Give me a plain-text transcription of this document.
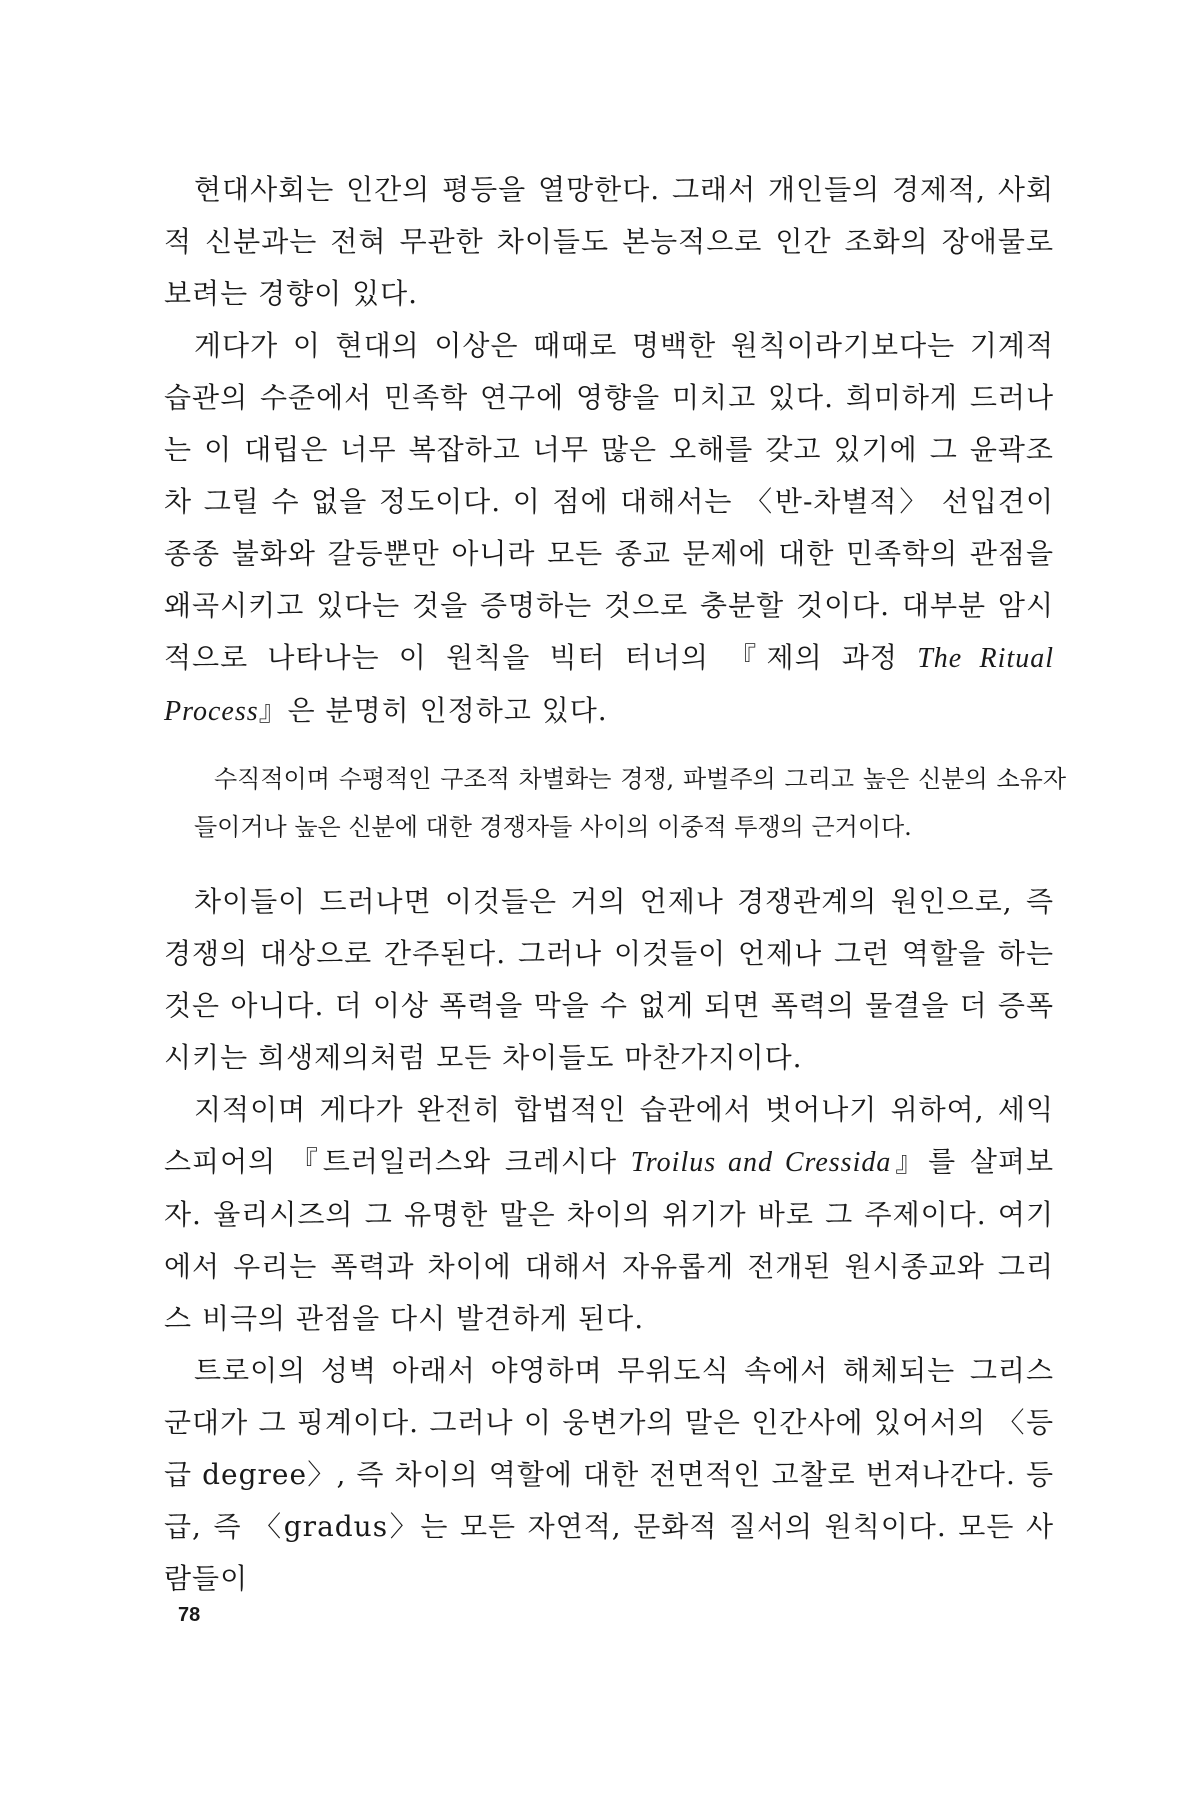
현대사회는 인간의 평등을 열망한다. 그래서 개인들의 경제적, 사회적 신분과는 전혀 무관한 차이들도 본능적으로 인간 조화의 장애물로 보려는 경향이 있다.

게다가 이 현대의 이상은 때때로 명백한 원칙이라기보다는 기계적 습관의 수준에서 민족학 연구에 영향을 미치고 있다. 희미하게 드러나는 이 대립은 너무 복잡하고 너무 많은 오해를 갖고 있기에 그 윤곽조차 그릴 수 없을 정도이다. 이 점에 대해서는 〈반-차별적〉 선입견이 종종 불화와 갈등뿐만 아니라 모든 종교 문제에 대한 민족학의 관점을 왜곡시키고 있다는 것을 증명하는 것으로 충분할 것이다. 대부분 암시적으로 나타나는 이 원칙을 빅터 터너의 『제의 과정 The Ritual Process』은 분명히 인정하고 있다.

수직적이며 수평적인 구조적 차별화는 경쟁, 파벌주의 그리고 높은 신분의 소유자들이거나 높은 신분에 대한 경쟁자들 사이의 이중적 투쟁의 근거이다.

차이들이 드러나면 이것들은 거의 언제나 경쟁관계의 원인으로, 즉 경쟁의 대상으로 간주된다. 그러나 이것들이 언제나 그런 역할을 하는 것은 아니다. 더 이상 폭력을 막을 수 없게 되면 폭력의 물결을 더 증폭시키는 희생제의처럼 모든 차이들도 마찬가지이다.

지적이며 게다가 완전히 합법적인 습관에서 벗어나기 위하여, 세익스피어의 『트러일러스와 크레시다 Troilus and Cressida』를 살펴보자. 율리시즈의 그 유명한 말은 차이의 위기가 바로 그 주제이다. 여기에서 우리는 폭력과 차이에 대해서 자유롭게 전개된 원시종교와 그리스 비극의 관점을 다시 발견하게 된다.

트로이의 성벽 아래서 야영하며 무위도식 속에서 해체되는 그리스 군대가 그 핑계이다. 그러나 이 웅변가의 말은 인간사에 있어서의 〈등급 degree〉, 즉 차이의 역할에 대한 전면적인 고찰로 번져나간다. 등급, 즉 〈gradus〉는 모든 자연적, 문화적 질서의 원칙이다. 모든 사람들이

78
